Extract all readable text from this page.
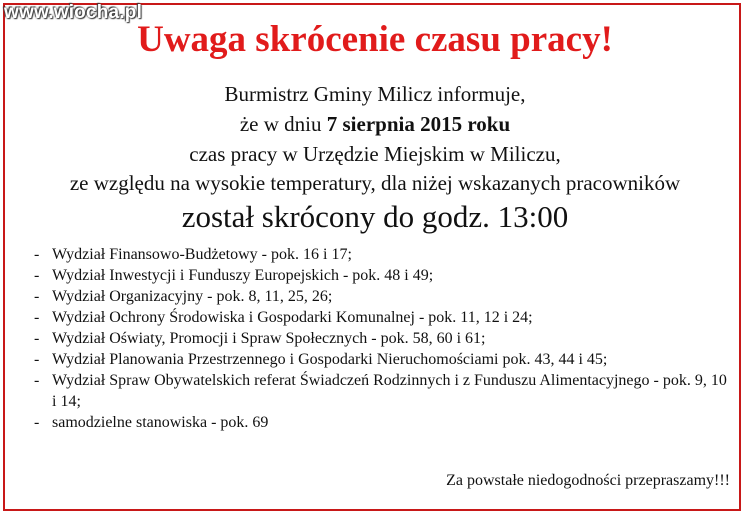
www.wiocha.pl
Uwaga skrócenie czasu pracy!
Burmistrz Gminy Milicz informuje,
że w dniu 7 sierpnia 2015 roku
czas pracy w Urzędzie Miejskim w Miliczu,
ze względu na wysokie temperatury, dla niżej wskazanych pracowników
został skrócony do godz. 13:00
- Wydział Finansowo-Budżetowy - pok. 16 i 17;
- Wydział Inwestycji i Funduszy Europejskich - pok. 48 i 49;
- Wydział Organizacyjny - pok. 8, 11, 25, 26;
- Wydział Ochrony Środowiska i Gospodarki Komunalnej - pok. 11, 12 i 24;
- Wydział Oświaty, Promocji i Spraw Społecznych - pok. 58, 60 i 61;
- Wydział Planowania Przestrzennego i Gospodarki Nieruchomościami pok. 43, 44 i 45;
- Wydział Spraw Obywatelskich referat Świadczeń Rodzinnych i z Funduszu Alimentacyjnego - pok. 9, 10 i 14;
- samodzielne stanowiska - pok. 69
Za powstałe niedogodności przepraszamy!!!
